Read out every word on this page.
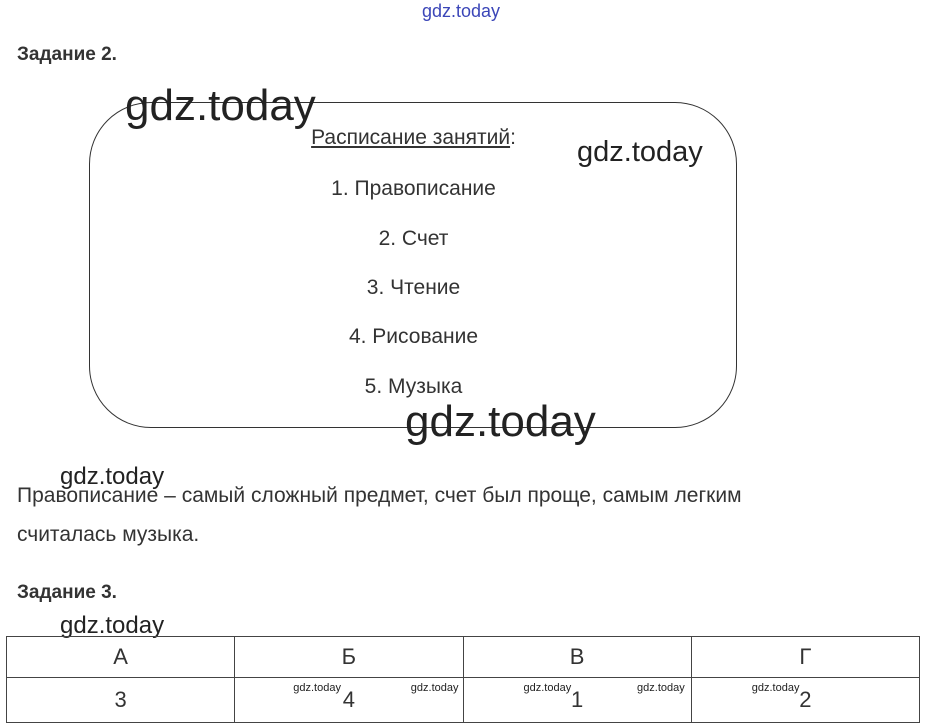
gdz.today
Задание 2.
Расписание занятий:
1. Правописание
2. Счет
3. Чтение
4. Рисование
5. Музыка
gdz.today
gdz.today
gdz.today
Правописание – самый сложный предмет, счет был проще, самым легким
считалась музыка.
gdz.today
Задание 3.
gdz.today
А	Б	В	Г
3	gdz.today 4 gdz.today	gdz.today 1 gdz.today	gdz.today 2
